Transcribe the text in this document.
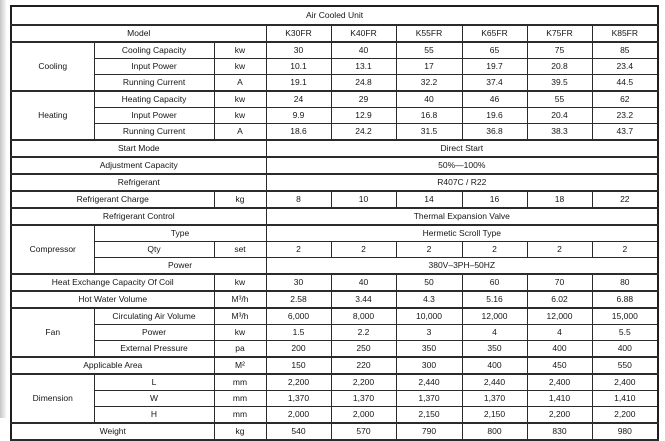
Air Cooled Unit								
Model			K30FR	K40FR	K55FR	K65FR	K75FR	K85FR
Cooling	Cooling Capacity	kw	30	40	55	65	75	85
	Input Power	kw	10.1	13.1	17	19.7	20.8	23.4
	Running Current	A	19.1	24.8	32.2	37.4	39.5	44.5
Heating	Heating Capacity	kw	24	29	40	46	55	62
	Input Power	kw	9.9	12.9	16.8	19.6	20.4	23.2
	Running Current	A	18.6	24.2	31.5	36.8	38.3	43.7
Start Mode			Direct Start					
Adjustment Capacity			50%—100%					
Refrigerant			R407C / R22					
Refrigerant Charge		kg	8	10	14	16	18	22
Refrigerant Control			Thermal Expansion Valve					
Compressor	Type		Hermetic Scroll Type					
	Qty	set	2	2	2	2	2	2
	Power		380V–3PH–50HZ					
Heat Exchange Capacity Of Coil		kw	30	40	50	60	70	80
Hot Water Volume		M³/h	2.58	3.44	4.3	5.16	6.02	6.88
Fan	Circulating Air Volume	M³/h	6,000	8,000	10,000	12,000	12,000	15,000
	Power	kw	1.5	2.2	3	4	4	5.5
	External Pressure	pa	200	250	350	350	400	400
Applicable Area		M²	150	220	300	400	450	550
Dimension	L	mm	2,200	2,200	2,440	2,440	2,400	2,400
	W	mm	1,370	1,370	1,370	1,370	1,410	1,410
	H	mm	2,000	2,000	2,150	2,150	2,200	2,200
Weight		kg	540	570	790	800	830	980
